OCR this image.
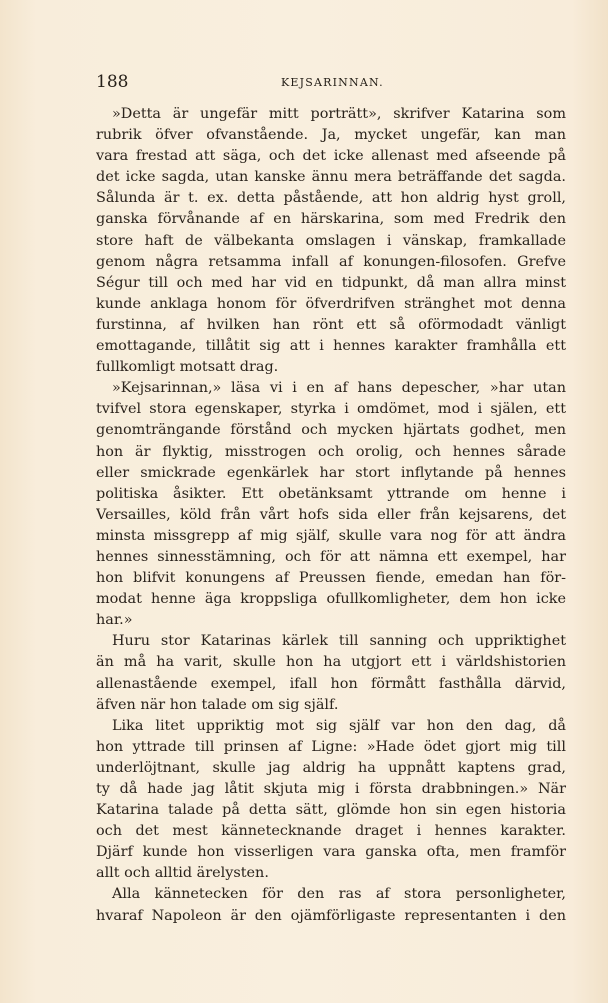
188	KEJSARINNAN.
»Detta är ungefär mitt porträtt», skrifver Katarina som
rubrik öfver ofvanstående. Ja, mycket ungefär, kan man
vara frestad att säga, och det icke allenast med afseende på
det icke sagda, utan kanske ännu mera beträffande det sagda.
Sålunda är t. ex. detta påstående, att hon aldrig hyst groll,
ganska förvånande af en härskarina, som med Fredrik den
store haft de välbekanta omslagen i vänskap, framkallade
genom några retsamma infall af konungen-filosofen. Grefve
Ségur till och med har vid en tidpunkt, då man allra minst
kunde anklaga honom för öfverdrifven stränghet mot denna
furstinna, af hvilken han rönt ett så oförmodadt vänligt
emottagande, tillåtit sig att i hennes karakter framhålla ett
fullkomligt motsatt drag.
»Kejsarinnan,» läsa vi i en af hans depescher, »har utan
tvifvel stora egenskaper, styrka i omdömet, mod i själen, ett
genomträngande förstånd och mycken hjärtats godhet, men
hon är flyktig, misstrogen och orolig, och hennes sårade
eller smickrade egenkärlek har stort inflytande på hennes
politiska åsikter. Ett obetänksamt yttrande om henne i
Versailles, köld från vårt hofs sida eller från kejsarens, det
minsta missgrepp af mig själf, skulle vara nog för att ändra
hennes sinnesstämning, och för att nämna ett exempel, har
hon blifvit konungens af Preussen fiende, emedan han för-
modat henne äga kroppsliga ofullkomligheter, dem hon icke
har.»
Huru stor Katarinas kärlek till sanning och uppriktighet
än må ha varit, skulle hon ha utgjort ett i världshistorien
allenastående exempel, ifall hon förmått fasthålla därvid,
äfven när hon talade om sig själf.
Lika litet uppriktig mot sig själf var hon den dag, då
hon yttrade till prinsen af Ligne: »Hade ödet gjort mig till
underlöjtnant, skulle jag aldrig ha uppnått kaptens grad,
ty då hade jag låtit skjuta mig i första drabbningen.» När
Katarina talade på detta sätt, glömde hon sin egen historia
och det mest kännetecknande draget i hennes karakter.
Djärf kunde hon visserligen vara ganska ofta, men framför
allt och alltid ärelysten.
Alla kännetecken för den ras af stora personligheter,
hvaraf Napoleon är den ojämförligaste representanten i den
